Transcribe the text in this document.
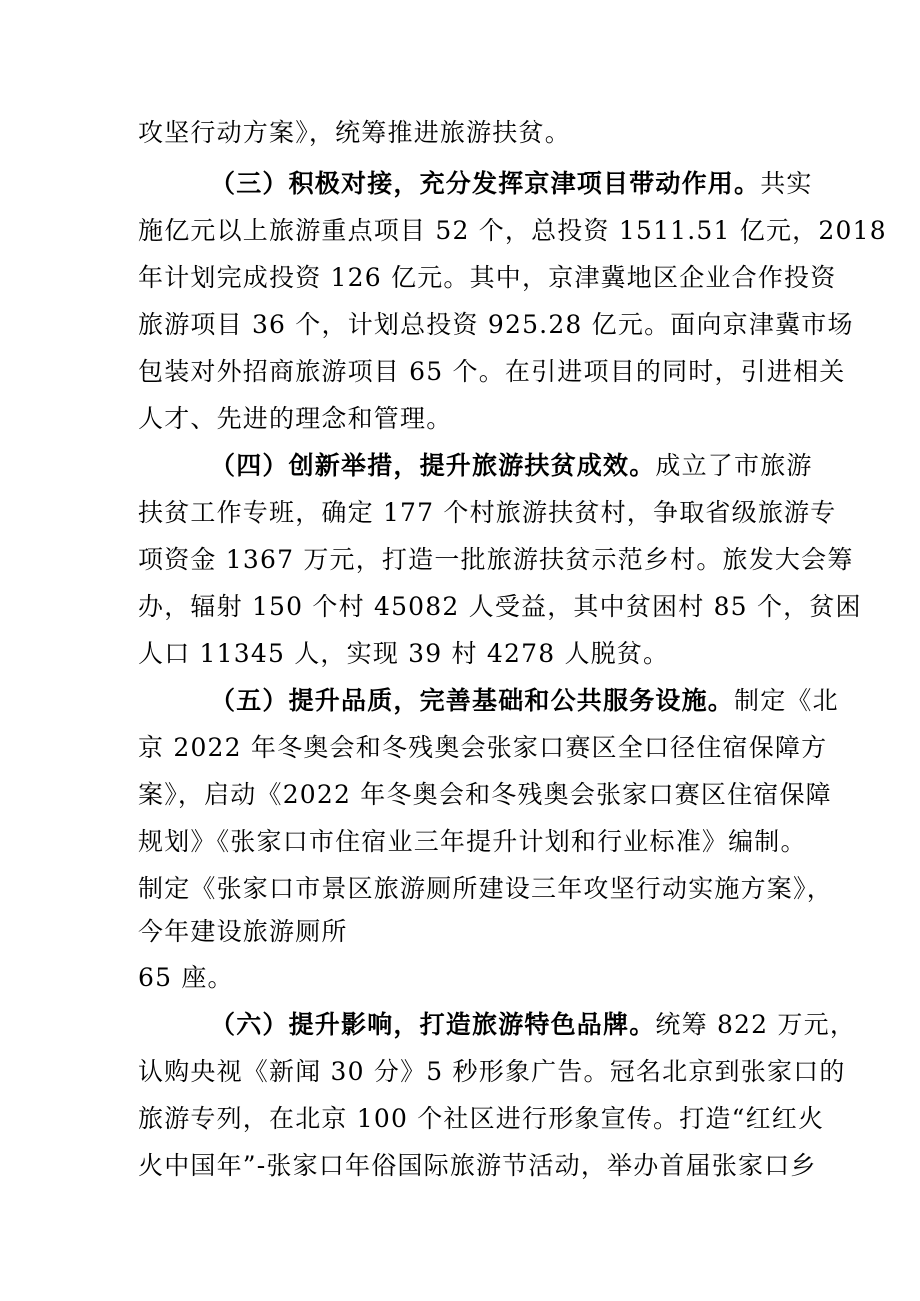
攻坚行动方案》，统筹推进旅游扶贫。
（三）积极对接，充分发挥京津项目带动作用。共实
施亿元以上旅游重点项目 52 个，总投资 1511.51 亿元，2018
年计划完成投资 126 亿元。其中，京津冀地区企业合作投资
旅游项目 36 个，计划总投资 925.28 亿元。面向京津冀市场
包装对外招商旅游项目 65 个。在引进项目的同时，引进相关
人才、先进的理念和管理。
（四）创新举措，提升旅游扶贫成效。成立了市旅游
扶贫工作专班，确定 177 个村旅游扶贫村，争取省级旅游专
项资金 1367 万元，打造一批旅游扶贫示范乡村。旅发大会筹
办，辐射 150 个村 45082 人受益，其中贫困村 85 个，贫困
人口 11345 人，实现 39 村 4278 人脱贫。
（五）提升品质，完善基础和公共服务设施。制定《北
京 2022 年冬奥会和冬残奥会张家口赛区全口径住宿保障方
案》，启动《2022 年冬奥会和冬残奥会张家口赛区住宿保障
规划》《张家口市住宿业三年提升计划和行业标准》编制。
制定《张家口市景区旅游厕所建设三年攻坚行动实施方案》，
今年建设旅游厕所
65 座。
（六）提升影响，打造旅游特色品牌。统筹 822 万元，
认购央视《新闻 30 分》5 秒形象广告。冠名北京到张家口的
旅游专列，在北京 100 个社区进行形象宣传。打造“红红火
火中国年”-张家口年俗国际旅游节活动，举办首届张家口乡
